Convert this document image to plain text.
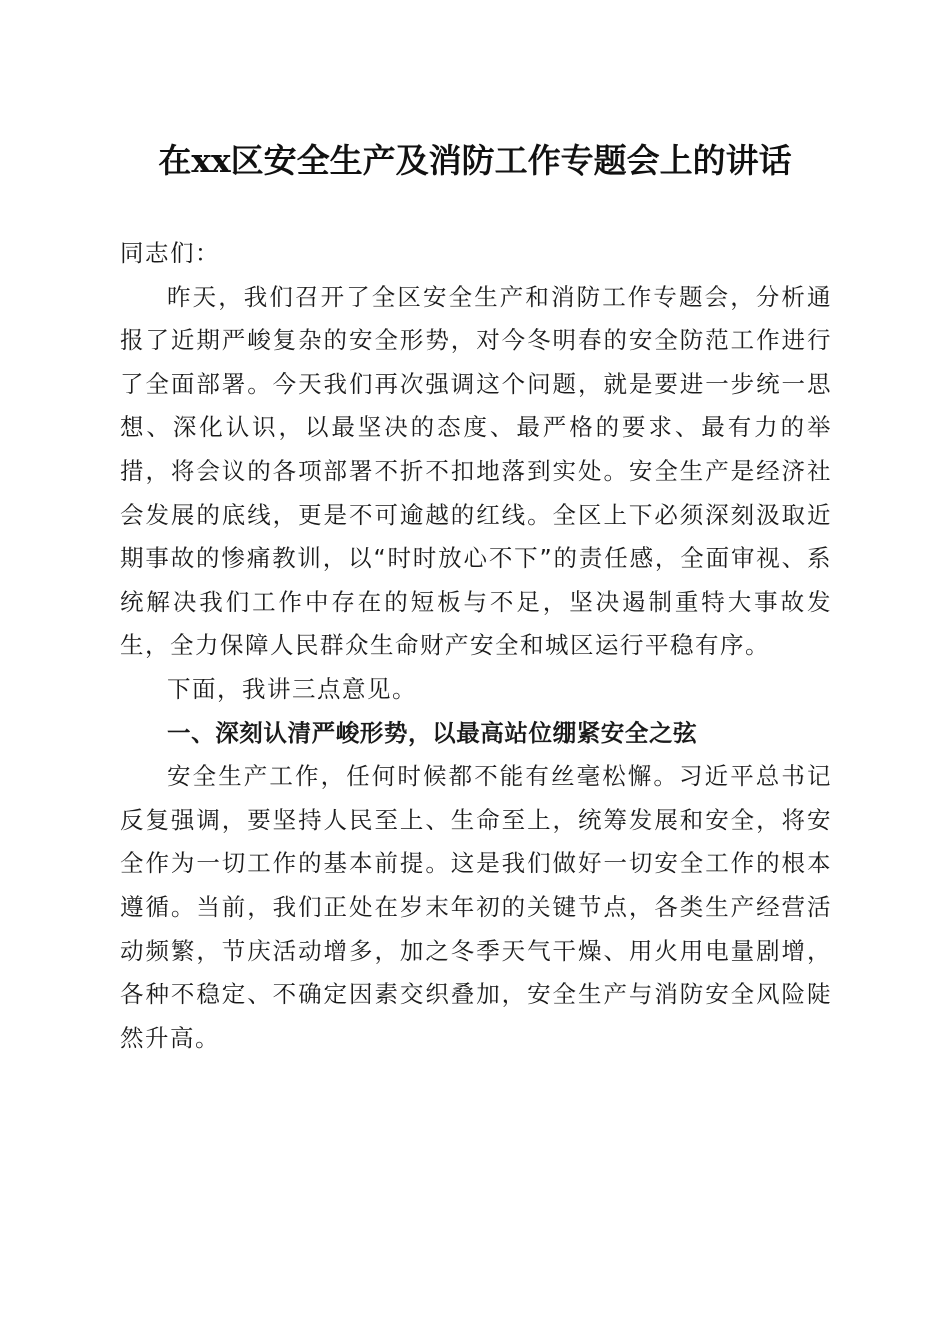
在xx区安全生产及消防工作专题会上的讲话

同志们：

昨天，我们召开了全区安全生产和消防工作专题会，分析通报了近期严峻复杂的安全形势，对今冬明春的安全防范工作进行了全面部署。今天我们再次强调这个问题，就是要进一步统一思想、深化认识，以最坚决的态度、最严格的要求、最有力的举措，将会议的各项部署不折不扣地落到实处。安全生产是经济社会发展的底线，更是不可逾越的红线。全区上下必须深刻汲取近期事故的惨痛教训，以“时时放心不下”的责任感，全面审视、系统解决我们工作中存在的短板与不足，坚决遏制重特大事故发生，全力保障人民群众生命财产安全和城区运行平稳有序。

下面，我讲三点意见。

一、深刻认清严峻形势，以最高站位绷紧安全之弦

安全生产工作，任何时候都不能有丝毫松懈。习近平总书记反复强调，要坚持人民至上、生命至上，统筹发展和安全，将安全作为一切工作的基本前提。这是我们做好一切安全工作的根本遵循。当前，我们正处在岁末年初的关键节点，各类生产经营活动频繁，节庆活动增多，加之冬季天气干燥、用火用电量剧增，各种不稳定、不确定因素交织叠加，安全生产与消防安全风险陡然升高。
